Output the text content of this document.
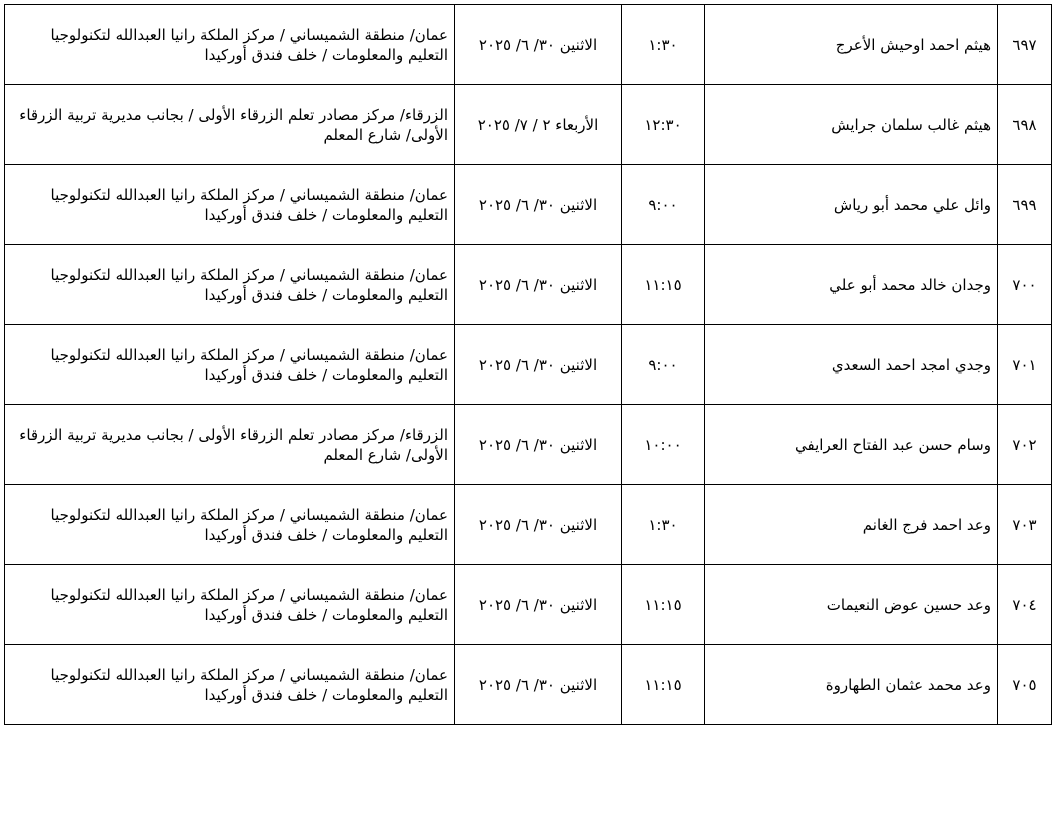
٦٩٧	هيثم احمد اوحيش الأعرج	١:٣٠	الاثنين ٣٠/ ٦/ ٢٠٢٥	عمان/ منطقة الشميساني / مركز الملكة رانيا العبدالله لتكنولوجيا
التعليم والمعلومات / خلف فندق أوركيدا

٦٩٨	هيثم غالب سلمان جرايش	١٢:٣٠	الأربعاء ٢ / ٧/ ٢٠٢٥	الزرقاء/ مركز مصادر تعلم الزرقاء الأولى / بجانب مديرية تربية الزرقاء
الأولى/ شارع المعلم

٦٩٩	وائل علي محمد أبو رياش	٩:٠٠	الاثنين ٣٠/ ٦/ ٢٠٢٥	عمان/ منطقة الشميساني / مركز الملكة رانيا العبدالله لتكنولوجيا
التعليم والمعلومات / خلف فندق أوركيدا

٧٠٠	وجدان خالد محمد أبو علي	١١:١٥	الاثنين ٣٠/ ٦/ ٢٠٢٥	عمان/ منطقة الشميساني / مركز الملكة رانيا العبدالله لتكنولوجيا
التعليم والمعلومات / خلف فندق أوركيدا

٧٠١	وجدي امجد احمد السعدي	٩:٠٠	الاثنين ٣٠/ ٦/ ٢٠٢٥	عمان/ منطقة الشميساني / مركز الملكة رانيا العبدالله لتكنولوجيا
التعليم والمعلومات / خلف فندق أوركيدا

٧٠٢	وسام حسن عبد الفتاح العرايفي	١٠:٠٠	الاثنين ٣٠/ ٦/ ٢٠٢٥	الزرقاء/ مركز مصادر تعلم الزرقاء الأولى / بجانب مديرية تربية الزرقاء
الأولى/ شارع المعلم

٧٠٣	وعد احمد فرج الغانم	١:٣٠	الاثنين ٣٠/ ٦/ ٢٠٢٥	عمان/ منطقة الشميساني / مركز الملكة رانيا العبدالله لتكنولوجيا
التعليم والمعلومات / خلف فندق أوركيدا

٧٠٤	وعد حسين عوض النعيمات	١١:١٥	الاثنين ٣٠/ ٦/ ٢٠٢٥	عمان/ منطقة الشميساني / مركز الملكة رانيا العبدالله لتكنولوجيا
التعليم والمعلومات / خلف فندق أوركيدا

٧٠٥	وعد محمد عثمان الطهاروة	١١:١٥	الاثنين ٣٠/ ٦/ ٢٠٢٥	عمان/ منطقة الشميساني / مركز الملكة رانيا العبدالله لتكنولوجيا
التعليم والمعلومات / خلف فندق أوركيدا
